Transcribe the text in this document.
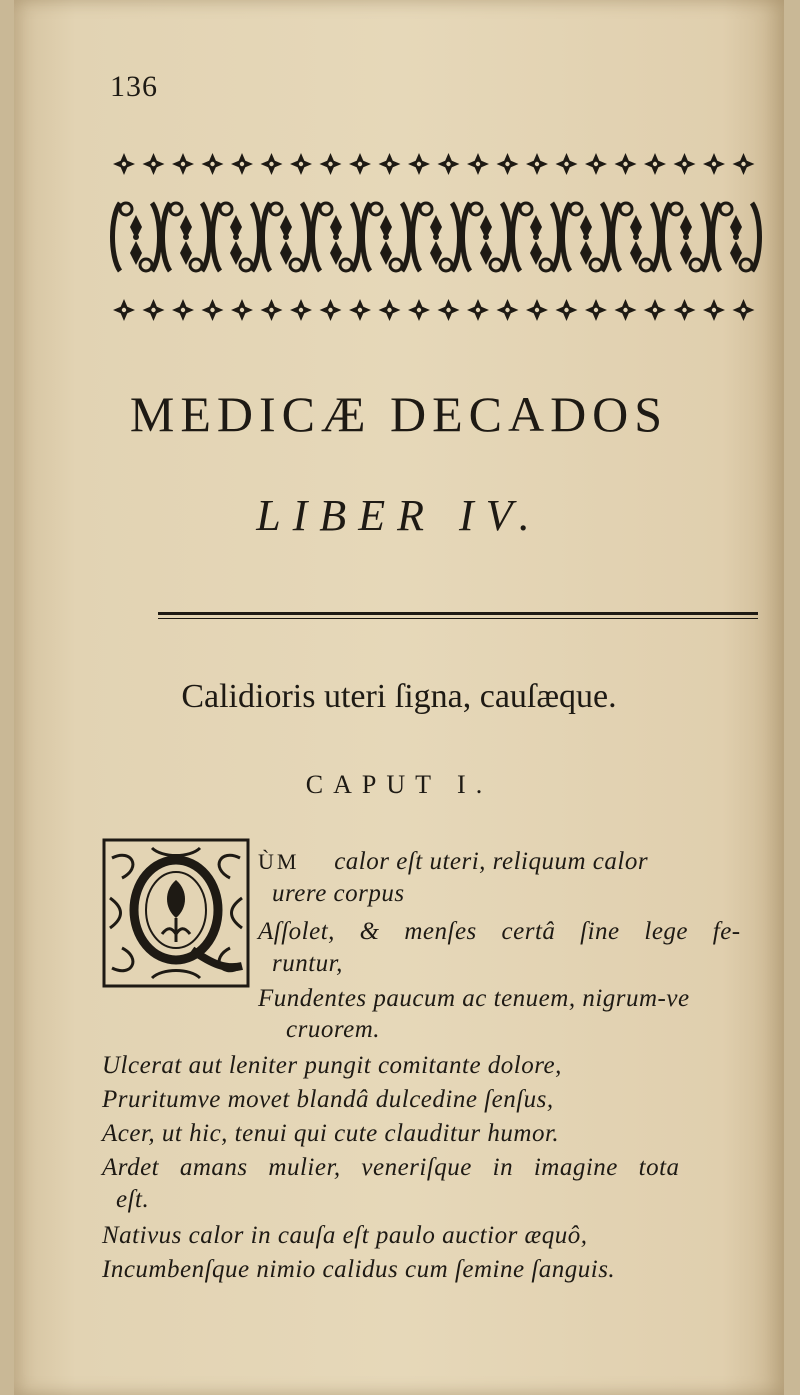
136
MEDICÆ DECADOS
LIBER IV.
Calidioris uteri ſigna, cauſæque.
CAPUT I.
Q
ÙM calor eſt uteri, reliquum calor
urere corpus
Aſſolet, & menſes certâ ſine lege fe-
runtur,
Fundentes paucum ac tenuem, nigrum-ve
cruorem.
Ulcerat aut leniter pungit comitante dolore,
Pruritumve movet blandâ dulcedine ſenſus,
Acer, ut hic, tenui qui cute clauditur humor.
Ardet amans mulier, veneriſque in imagine tota
eſt.
Nativus calor in cauſa eſt paulo auctior æquô,
Incumbenſque nimio calidus cum ſemine ſanguis.
